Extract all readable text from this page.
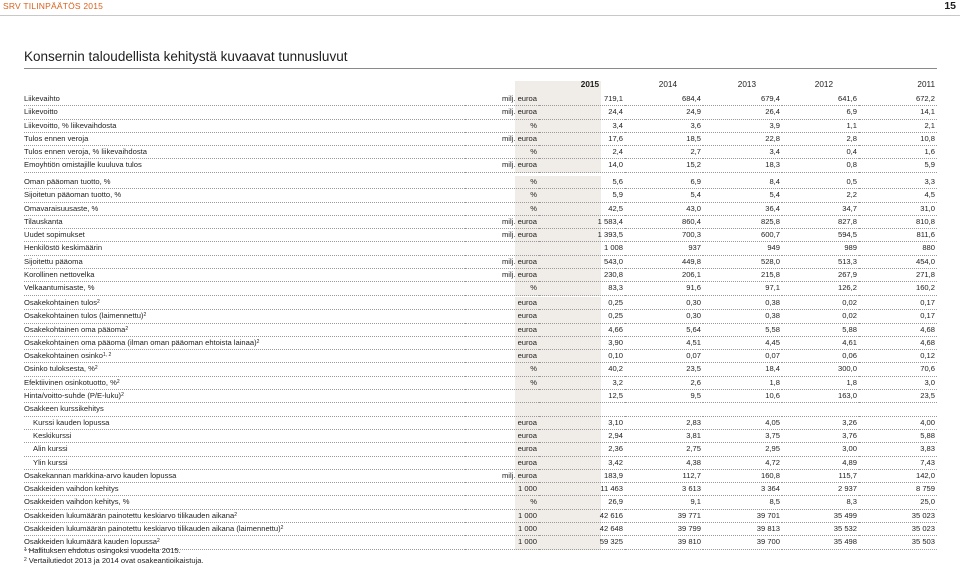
SRV TILINPÄÄTÖS 2015	15
Konsernin taloudellista kehitystä kuvaavat tunnusluvut
2015	2014	2013	2012	2011
Liikevaihto	milj. euroa	719,1	684,4	679,4	641,6	672,2
Liikevoitto	milj. euroa	24,4	24,9	26,4	6,9	14,1
Liikevoitto, % liikevaihdosta	%	3,4	3,6	3,9	1,1	2,1
Tulos ennen veroja	milj. euroa	17,6	18,5	22,8	2,8	10,8
Tulos ennen veroja, % liikevaihdosta	%	2,4	2,7	3,4	0,4	1,6
Emoyhtiön omistajille kuuluva tulos	milj. euroa	14,0	15,2	18,3	0,8	5,9
Oman pääoman tuotto, %	%	5,6	6,9	8,4	0,5	3,3
Sijoitetun pääoman tuotto, %	%	5,9	5,4	5,4	2,2	4,5
Omavaraisuusaste, %	%	42,5	43,0	36,4	34,7	31,0
Tilauskanta	milj. euroa	1 583,4	860,4	825,8	827,8	810,8
Uudet sopimukset	milj. euroa	1 393,5	700,3	600,7	594,5	811,6
Henkilöstö keskimäärin		1 008	937	949	989	880
Sijoitettu pääoma	milj. euroa	543,0	449,8	528,0	513,3	454,0
Korollinen nettovelka	milj. euroa	230,8	206,1	215,8	267,9	271,8
Velkaantumisaste, %	%	83,3	91,6	97,1	126,2	160,2
Osakekohtainen tulos$^2$	euroa	0,25	0,30	0,38	0,02	0,17
Osakekohtainen tulos (laimennettu)$^2$	euroa	0,25	0,30	0,38	0,02	0,17
Osakekohtainen oma pääoma$^2$	euroa	4,66	5,64	5,58	5,88	4,68
Osakekohtainen oma pääoma (ilman oman pääoman ehtoista lainaa)$^2$	euroa	3,90	4,51	4,45	4,61	4,68
Osakekohtainen osinko$^{1, 2}$	euroa	0,10	0,07	0,07	0,06	0,12
Osinko tuloksesta, %$^2$	%	40,2	23,5	18,4	300,0	70,6
Efektiivinen osinkotuotto, %$^2$	%	3,2	2,6	1,8	1,8	3,0
Hinta/voitto-suhde (P/E-luku)$^2$		12,5	9,5	10,6	163,0	23,5
Osakkeen kurssikehitys						
Kurssi kauden lopussa	euroa	3,10	2,83	4,05	3,26	4,00
Keskikurssi	euroa	2,94	3,81	3,75	3,76	5,88
Alin kurssi	euroa	2,36	2,75	2,95	3,00	3,83
Ylin kurssi	euroa	3,42	4,38	4,72	4,89	7,43
Osakekannan markkina-arvo kauden lopussa	milj. euroa	183,9	112,7	160,8	115,7	142,0
Osakkeiden vaihdon kehitys	1 000	11 463	3 613	3 364	2 937	8 759
Osakkeiden vaihdon kehitys, %	%	26,9	9,1	8,5	8,3	25,0
Osakkeiden lukumäärän painotettu keskiarvo tilikauden aikana$^2$	1 000	42 616	39 771	39 701	35 499	35 023
Osakkeiden lukumäärän painotettu keskiarvo tilikauden aikana (laimennettu)$^2$	1 000	42 648	39 799	39 813	35 532	35 023
Osakkeiden lukumäärä kauden lopussa$^2$	1 000	59 325	39 810	39 700	35 498	35 503
$^1$ Hallituksen ehdotus osingoksi vuodelta 2015.
$^2$ Vertailutiedot 2013 ja 2014 ovat osakeantioikaistuja.
